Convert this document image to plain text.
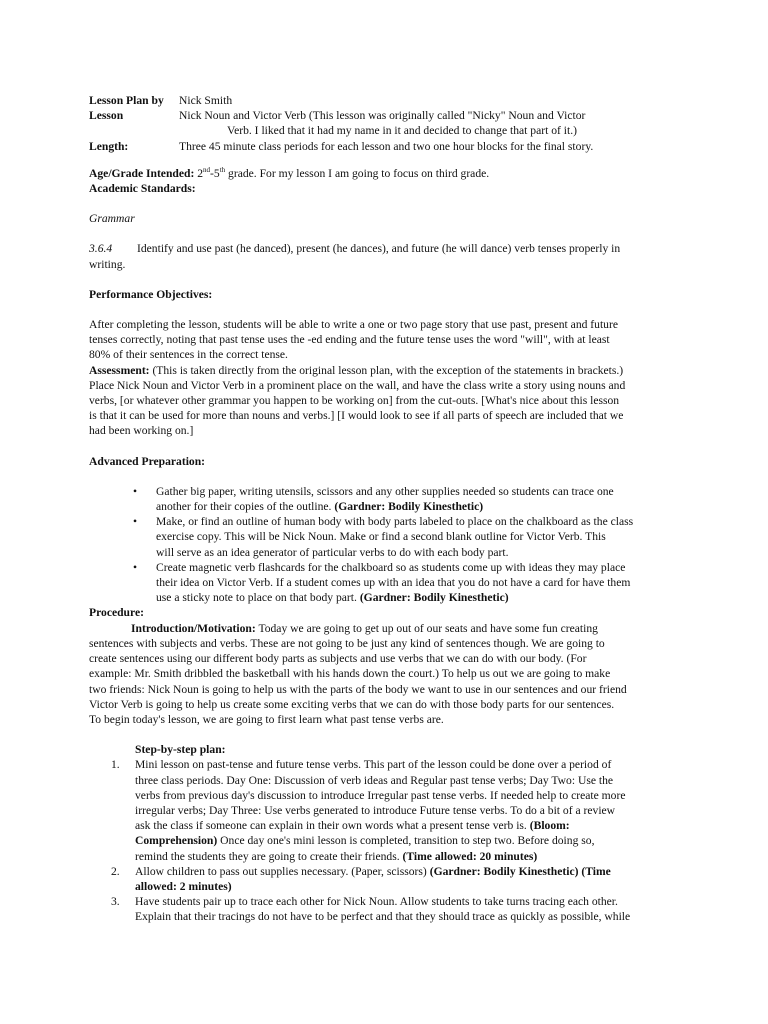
Lesson Plan by	Nick Smith
Lesson	Nick Noun and Victor Verb (This lesson was originally called "Nicky" Noun and Victor
Verb. I liked that it had my name in it and decided to change that part of it.)
Length:	Three 45 minute class periods for each lesson and two one hour blocks for the final story.
Age/Grade Intended: 2nd-5th grade. For my lesson I am going to focus on third grade.
Academic Standards:
Grammar
3.6.4 Identify and use past (he danced), present (he dances), and future (he will dance) verb tenses properly in
writing.
Performance Objectives:
After completing the lesson, students will be able to write a one or two page story that use past, present and future
tenses correctly, noting that past tense uses the -ed ending and the future tense uses the word "will", with at least
80% of their sentences in the correct tense.
Assessment: (This is taken directly from the original lesson plan, with the exception of the statements in brackets.)
Place Nick Noun and Victor Verb in a prominent place on the wall, and have the class write a story using nouns and
verbs, [or whatever other grammar you happen to be working on] from the cut-outs. [What's nice about this lesson
is that it can be used for more than nouns and verbs.] [I would look to see if all parts of speech are included that we
had been working on.]
Advanced Preparation:
• Gather big paper, writing utensils, scissors and any other supplies needed so students can trace one
another for their copies of the outline. (Gardner: Bodily Kinesthetic)
• Make, or find an outline of human body with body parts labeled to place on the chalkboard as the class
exercise copy. This will be Nick Noun. Make or find a second blank outline for Victor Verb. This
will serve as an idea generator of particular verbs to do with each body part.
• Create magnetic verb flashcards for the chalkboard so as students come up with ideas they may place
their idea on Victor Verb. If a student comes up with an idea that you do not have a card for have them
use a sticky note to place on that body part. (Gardner: Bodily Kinesthetic)
Procedure:
Introduction/Motivation: Today we are going to get up out of our seats and have some fun creating
sentences with subjects and verbs. These are not going to be just any kind of sentences though. We are going to
create sentences using our different body parts as subjects and use verbs that we can do with our body. (For
example: Mr. Smith dribbled the basketball with his hands down the court.) To help us out we are going to make
two friends: Nick Noun is going to help us with the parts of the body we want to use in our sentences and our friend
Victor Verb is going to help us create some exciting verbs that we can do with those body parts for our sentences.
To begin today's lesson, we are going to first learn what past tense verbs are.
Step-by-step plan:
1. Mini lesson on past-tense and future tense verbs. This part of the lesson could be done over a period of
three class periods. Day One: Discussion of verb ideas and Regular past tense verbs; Day Two: Use the
verbs from previous day's discussion to introduce Irregular past tense verbs. If needed help to create more
irregular verbs; Day Three: Use verbs generated to introduce Future tense verbs. To do a bit of a review
ask the class if someone can explain in their own words what a present tense verb is. (Bloom:
Comprehension) Once day one's mini lesson is completed, transition to step two. Before doing so,
remind the students they are going to create their friends. (Time allowed: 20 minutes)
2. Allow children to pass out supplies necessary. (Paper, scissors) (Gardner: Bodily Kinesthetic) (Time
allowed: 2 minutes)
3. Have students pair up to trace each other for Nick Noun. Allow students to take turns tracing each other.
Explain that their tracings do not have to be perfect and that they should trace as quickly as possible, while
